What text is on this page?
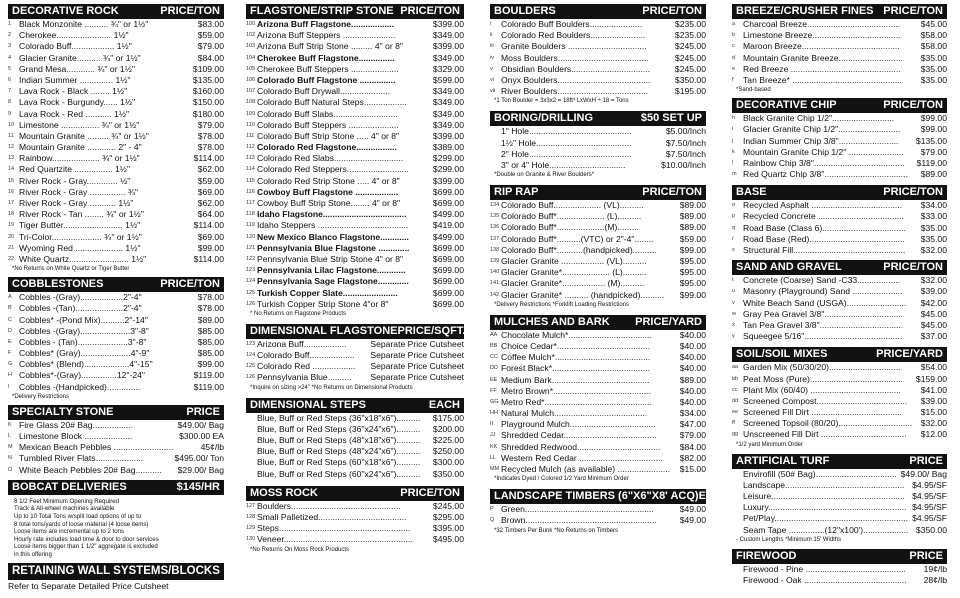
DECORATIVE ROCK	PRICE/TON
1 Black Monzonite .......... ¾" or 1½"	$83.00
2 Cherokee....................... 1½"	$59.00
3 Colorado Buff.................. 1½"	$79.00
4 Glacier Granite.......... ¾" or 1½"	$84.00
5 Grand Mesa............ ¾" or 1½"	$109.00
6 Indian Summer .............. 1½"	$135.00
7 Lava Rock - Black ........ 1½"	$160.00
8 Lava Rock - Burgundy...... 1½"	$150.00
9 Lava Rock - Red ........... 1½"	$180.00
10 Limestone ................ ¾" or 1½"	$79.00
11 Mountain Granite ......... ¾" or 1½"	$78.00
12 Mountain Granite ............ 2" - 4"	$78.00
13 Rainbow.................... ¾" or 1½"	$114.00
14 Red Quartzite ................ 1½"	$62.00
15 River Rock - Gray............. ½"	$59.00
16 River Rock - Gray ............... ¾"	$69.00
17 River Rock - Gray ........... 1½"	$62.00
18 River Rock - Tan ........ ¾" or 1½"	$64.00
19 Tiger Butter......................... 1½"	$114.00
20 Tri-Color..................... ¾" or 1½"	$69.00
21 Wyoming Red .................... 1½"	$99.00
22 White Quartz......................... 1½"	$114.00
*No Returns on White Quartz or Tiger Butter
COBBLESTONES	PRICE/TON
A Cobbles -(Gray)..................2"-4"	$78.00
B Cobbles -(Tan)....................2"-4"	$78.00
C Cobbles* -(Pond Mix)..........2"-14"	$89.00
D Cobbles -(Gray).....................3"-8"	$85.00
E Cobbles - (Tan).....................3"-8"	$85.00
F Cobbles* (Gray).....................4"-9"	$85.00
G Cobbles* (Blend)...................4"-15"	$99.00
H Cobbles*-(Gray)...............12"-24"	$119.00
I	Cobbles -(Handpicked)..............	$119.00
*Delivery Restrictions
SPECIALTY STONE	PRICE
K Fire Glass 20# Bag.................	$49.00/ Bag
L Limestone Block ....................	$300.00 EA
M Mexican Beach Pebbles .........................	45¢/lb
N Tumbled River Flats....................	$495.00/ Ton
O White Beach Pebbles 20# Bag...........	$29.00/ Bag
BOBCAT DELIVERIES	$145/HR
8 1/2 Feet Minimum Opening Required
Track & All-wheel machines available
Up to 10 Total Tons w/split load options of up to
8 total tons/yards of loose material (4 loose items)
Loose items are incremental up to 2 tons
Hourly rate includes load time & door to door services
Loose items bigger than 1 1/2" aggregate is excluded
in this offering
RETAINING WALL SYSTEMS/BLOCKS
Refer to Separate Detailed Price Cutsheet
FLAGSTONE/STRIP STONE PRICE/TON
100 Arizona Buff Flagstone..................	$399.00
102 Arizona Buff Steppers ......................	$349.00
103 Arizona Buff Strip Stone ......... 4" or 8"	$399.00
104 Cherokee Buff Flagstone...............	$349.00
105 Cherokee Buff Steppers ....................	$329.00
106 Colorado Buff Flagstone ...............	$599.00
107 Colorado Buff Drywall.....................	$349.00
108 Colorado Buff Natural Steps..................	$349.00
109 Colorado Buff Slabs...........................	$349.00
110 Colorado Buff Steppers .....................	$349.00
111 Colorado Buff Strip Stone ..... 4" or 8"	$399.00
112 Colorado Red Flagstone.................	$389.00
113 Colorado Red Slabs.............................	$299.00
114 Colorado Red Steppers..........................	$299.00
115 Colorado Red Strip Stone ..... 4" or 8"	$399.00
116 Cowboy Buff Flagstone ..................	$699.00
117 Cowboy Buff Strip Stone........ 4" or 8"	$699.00
118 Idaho Flagstone...................................	$499.00
119 Idaho Steppers ......................................	$419.00
120 New Mexico Blanco Flagstone............	$499.00
121 Pennsylvania Blue Flagstone .............	$699.00
122 Pennsylvania Blue Strip Stone 4" or 8"	$699.00
123 Pennsylvania Lilac Flagstone............	$699.00
124 Pennsylvania Sage Flagstone.............	$699.00
125 Turkish Copper Slate.......................	$699.00
126 Turkish Copper Strip Stone 4"or 8"	$699.00
* No Returns on Flagstone Products
DIMENSIONAL FLAGSTONE PRICE/SQFT.
123 Arizona Buff..................	Separate Price Cutsheet
124 Colorado Buff...................	Separate Price Cutsheet
125 Colorado Red ..................	Separate Price Cutsheet
126 Pennsylvania Blue..........	Separate Price Cutsheet
*Inquire on sizing >24" *No Returns on Dimensional Products
DIMENSIONAL STEPS	EACH
Blue, Buff or Red Steps (36"x18"x6")..........	$175.00
Blue, Buff or Red Steps (36"x24"x6")..........	$200.00
Blue, Buff or Red Steps (48"x18"x6")..........	$225.00
Blue, Buff or Red Steps (48"x24"x6")..........	$250.00
Blue, Buff or Red Steps (60"x18"x6")..........	$300.00
Blue, Buff or Red Steps (60"x24"x6")..........	$350.00
MOSS ROCK	PRICE/TON
127 Boulders..............................................	$245.00
128 Small Palletized.....................................	$295.00
129 Steps.......................................................	$395.00
130 Veneer......................................................	$495.00
*No Returns On Moss Rock Products
BOULDERS	PRICE/TON
i	Colorado Buff Boulders......................	$235.00
ii Colorado Red Boulders.......................	$235.00
iii Granite Boulders .................................	$245.00
iv Moss Boulders......................................	$245.00
v Obsidian Boulders.................................	$245.00
vi Onyx Boulders.......................................	$350.00
vii River Boulders......................................	$195.00
*1 Ton Boulder = 3x3x2 = 18ft³ LxWxH ÷ 18 = Tons
BORING/DRILLING	$50 SET UP
1" Hole...........................................	$5.00/Inch
1½" Hole........................................	$7.50/Inch
2" Hole...........................................	$7.50/Inch
3" or 4" Hole................................	$10.00/Inch
*Double on Granite & River Boulders*
RIP RAP	PRICE/TON
134 Colorado Buff.................... (VL)..........	$89.00
135 Colorado Buff*.................... (L)..........	$89.00
136 Colorado Buff*....................(M).........	$89.00
137 Colorado Buff*..........(VTC) or 2"-4"........	$59.00
138 Colorado Buff*...........(handpicked)..........	$99.00
139 Glacier Granite .................. (VL)..........	$95.00
140 Glacier Granite*.................... (L)..........	$95.00
141 Glacier Granite*.................. (M)..........	$95.00
142 Glacier Granite* .......... (handpicked)..........	$99.00
*Delivery Restrictions *Forklift Loading Restrictions
MULCHES AND BARK PRICE/YARD
AA Chocolate Mulch*...................................	$40.00
BB Choice Cedar*.......................................	$40.00
CC Coffee Mulch*........................................	$40.00
DD Forest Black*.........................................	$40.00
EE Medium Bark.........................................	$89.00
FF Metro Brown*.........................................	$40.00
GG Metro Red*.............................................	$40.00
HH Natural Mulch.......................................	$34.00
II Playground Mulch....................................	$47.00
JJ Shredded Cedar.......................................	$79.00
KK Shredded Redwood...................................	$84.00
LL Western Red Cedar ...................................	$82.00
MM Recycled Mulch (as available) ......................	$15.00
*Indicates Dyed / Colored 1/2 Yard Minimum Order
LANDSCAPE TIMBERS (6"X6"X8' ACQ) EACH
P Green......................................................	$49.00
Q Brown.......................................................	$49.00
*32 Timbers Per Bunk *No Returns on Timbers
BREEZE/CRUSHER FINES PRICE/TON
a Charcoal Breeze.......................................	$45.00
b Limestone Breeze.....................................	$58.00
c Maroon Breeze.........................................	$58.00
d Mountain Granite Breeze...........................	$35.00
e Red Breeze ..............................................	$35.00
f	Tan Breeze* ..............................................	$35.00
*Sand-based
DECORATIVE CHIP	PRICE/TON
h Black Granite Chip 1/2"..........................	$99.00
i	Glacier Granite Chip 1/2"..........................	$99.00
j	Indian Summer Chip 3/8".........................	$135.00
k Mountain Granite Chip 1/2" .......................	$79.00
l	Rainbow Chip 3/8"......................................	$119.00
m Red Quartz Chip 3/8"...................................	$89.00
BASE	PRICE/TON
o Recycled Asphalt ......................................	$34.00
p Recycled Concrete ....................................	$33.00
q Road Base (Class 6)...................................	$35.00
r	Road Base (Red)........................................	$35.00
s Structural Fill...............................................	$32.00
SAND AND GRAVEL	PRICE/TON
t	Concrete (Coarse) Sand -C33..................	$32.00
u Masonry (Playground) Sand .....................	$39.00
v White Beach Sand (USGA).........................	$42.00
w Gray Pea Gravel 3/8".................................	$45.00
x Tan Pea Gravel 3/8"...................................	$45.00
y Squeegee 5/16".........................................	$37.00
SOIL/SOIL MIXES	PRICE/YARD
aa Garden Mix (50/30/20)..............................	$54.00
bb Peat Moss (Pure).......................................	$159.00
cc Plant Mix (60/40) ......................................	$41.00
dd Screened Compost......................................	$39.00
ee Screened Fill Dirt ......................................	$15.00
ff Screened Topsoil (80/20)............................... $32.00
gg Unscreened Fill Dirt ....................................	$12.00
*1/2 yard Minimum Order
ARTIFICIAL TURF	PRICE
Envirofill (50# Bag).................................. $49.00/ Bag
Landscape.................................................. $4.95/SF
Leisure........................................................ $4.95/SF
Luxury.......................................................... $4.95/SF
Pet/Play........................................................ $4.95/SF
Seam Tape ...............(12"x100')................... $350.00
- Custom Lengths *Minimum 15' Widths
FIREWOOD	PRICE
Firewood - Pine ..........................................	19¢/lb
Firewood - Oak ...........................................	28¢/lb
